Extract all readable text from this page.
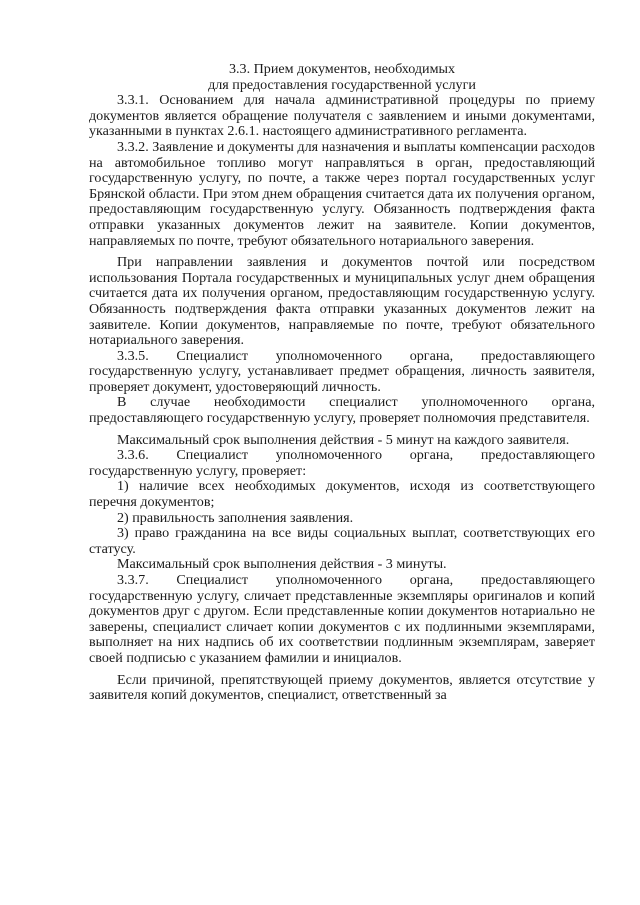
3.3. Прием документов, необходимых

для предоставления государственной услуги

3.3.1. Основанием для начала административной процедуры по приему документов является обращение получателя с заявлением и иными документами, указанными в пунктах 2.6.1. настоящего административного регламента.

3.3.2. Заявление и документы для назначения и выплаты компенсации расходов на автомобильное топливо могут направляться в орган, предоставляющий государственную услугу, по почте, а также через портал государственных услуг Брянской области. При этом днем обращения считается дата их получения органом, предоставляющим государственную услугу. Обязанность подтверждения факта отправки указанных документов лежит на заявителе. Копии документов, направляемых по почте, требуют обязательного нотариального заверения.

При направлении заявления и документов почтой или посредством использования Портала государственных и муниципальных услуг днем обращения считается дата их получения органом, предоставляющим государственную услугу. Обязанность подтверждения факта отправки указанных документов лежит на заявителе. Копии документов, направляемые по почте, требуют обязательного нотариального заверения.

3.3.5. Специалист уполномоченного органа, предоставляющего государственную услугу, устанавливает предмет обращения, личность заявителя, проверяет документ, удостоверяющий личность.

В случае необходимости специалист уполномоченного органа, предоставляющего государственную услугу, проверяет полномочия представителя.

Максимальный срок выполнения действия - 5 минут на каждого заявителя.

3.3.6. Специалист уполномоченного органа, предоставляющего государственную услугу, проверяет:

1) наличие всех необходимых документов, исходя из соответствующего перечня документов;

2) правильность заполнения заявления.

3) право гражданина на все виды социальных выплат, соответствующих его статусу.

Максимальный срок выполнения действия - 3 минуты.

3.3.7. Специалист уполномоченного органа, предоставляющего государственную услугу, сличает представленные экземпляры оригиналов и копий документов друг с другом. Если представленные копии документов нотариально не заверены, специалист сличает копии документов с их подлинными экземплярами, выполняет на них надпись об их соответствии подлинным экземплярам, заверяет своей подписью с указанием фамилии и инициалов.

Если причиной, препятствующей приему документов, является отсутствие у заявителя копий документов, специалист, ответственный за
